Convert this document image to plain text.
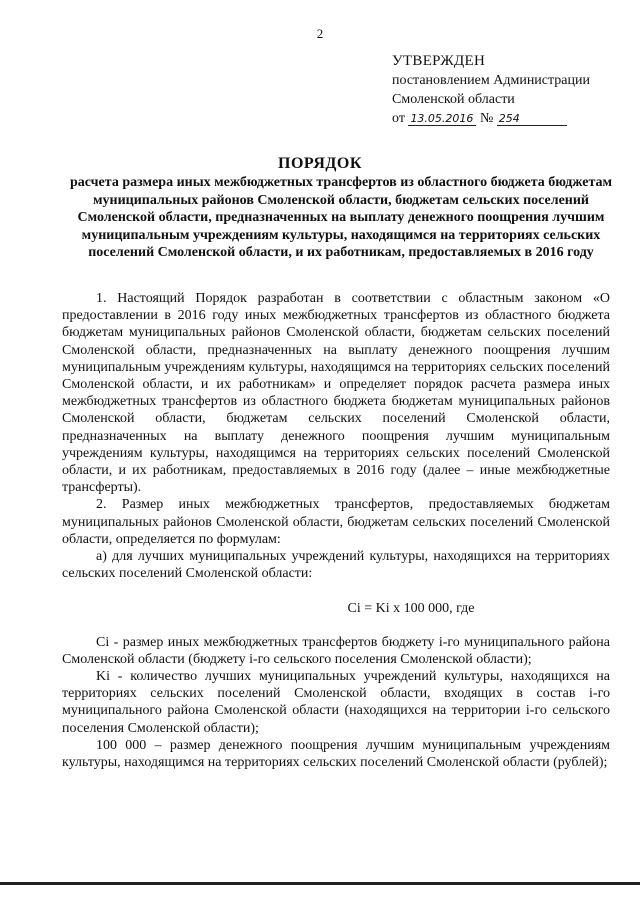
2
УТВЕРЖДЕН
постановлением Администрации
Смоленской области
от 13.05.2016 № 254
ПОРЯДОК
расчета размера иных межбюджетных трансфертов из областного бюджета бюджетам муниципальных районов Смоленской области, бюджетам сельских поселений Смоленской области, предназначенных на выплату денежного поощрения лучшим муниципальным учреждениям культуры, находящимся на территориях сельских поселений Смоленской области, и их работникам, предоставляемых в 2016 году

1. Настоящий Порядок разработан в соответствии с областным законом «О предоставлении в 2016 году иных межбюджетных трансфертов из областного бюджета бюджетам муниципальных районов Смоленской области, бюджетам сельских поселений Смоленской области, предназначенных на выплату денежного поощрения лучшим муниципальным учреждениям культуры, находящимся на территориях сельских поселений Смоленской области, и их работникам» и определяет порядок расчета размера иных межбюджетных трансфертов из областного бюджета бюджетам муниципальных районов Смоленской области, бюджетам сельских поселений Смоленской области, предназначенных на выплату денежного поощрения лучшим муниципальным учреждениям культуры, находящимся на территориях сельских поселений Смоленской области, и их работникам, предоставляемых в 2016 году (далее – иные межбюджетные трансферты).

2. Размер иных межбюджетных трансфертов, предоставляемых бюджетам муниципальных районов Смоленской области, бюджетам сельских поселений Смоленской области, определяется по формулам:

а) для лучших муниципальных учреждений культуры, находящихся на территориях сельских поселений Смоленской области:

Ci = Ki x 100 000, где

Ci - размер иных межбюджетных трансфертов бюджету i-го муниципального района Смоленской области (бюджету i-го сельского поселения Смоленской области);

Ki - количество лучших муниципальных учреждений культуры, находящихся на территориях сельских поселений Смоленской области, входящих в состав i-го муниципального района Смоленской области (находящихся на территории i-го сельского поселения Смоленской области);

100 000 – размер денежного поощрения лучшим муниципальным учреждениям культуры, находящимся на территориях сельских поселений Смоленской области (рублей);
